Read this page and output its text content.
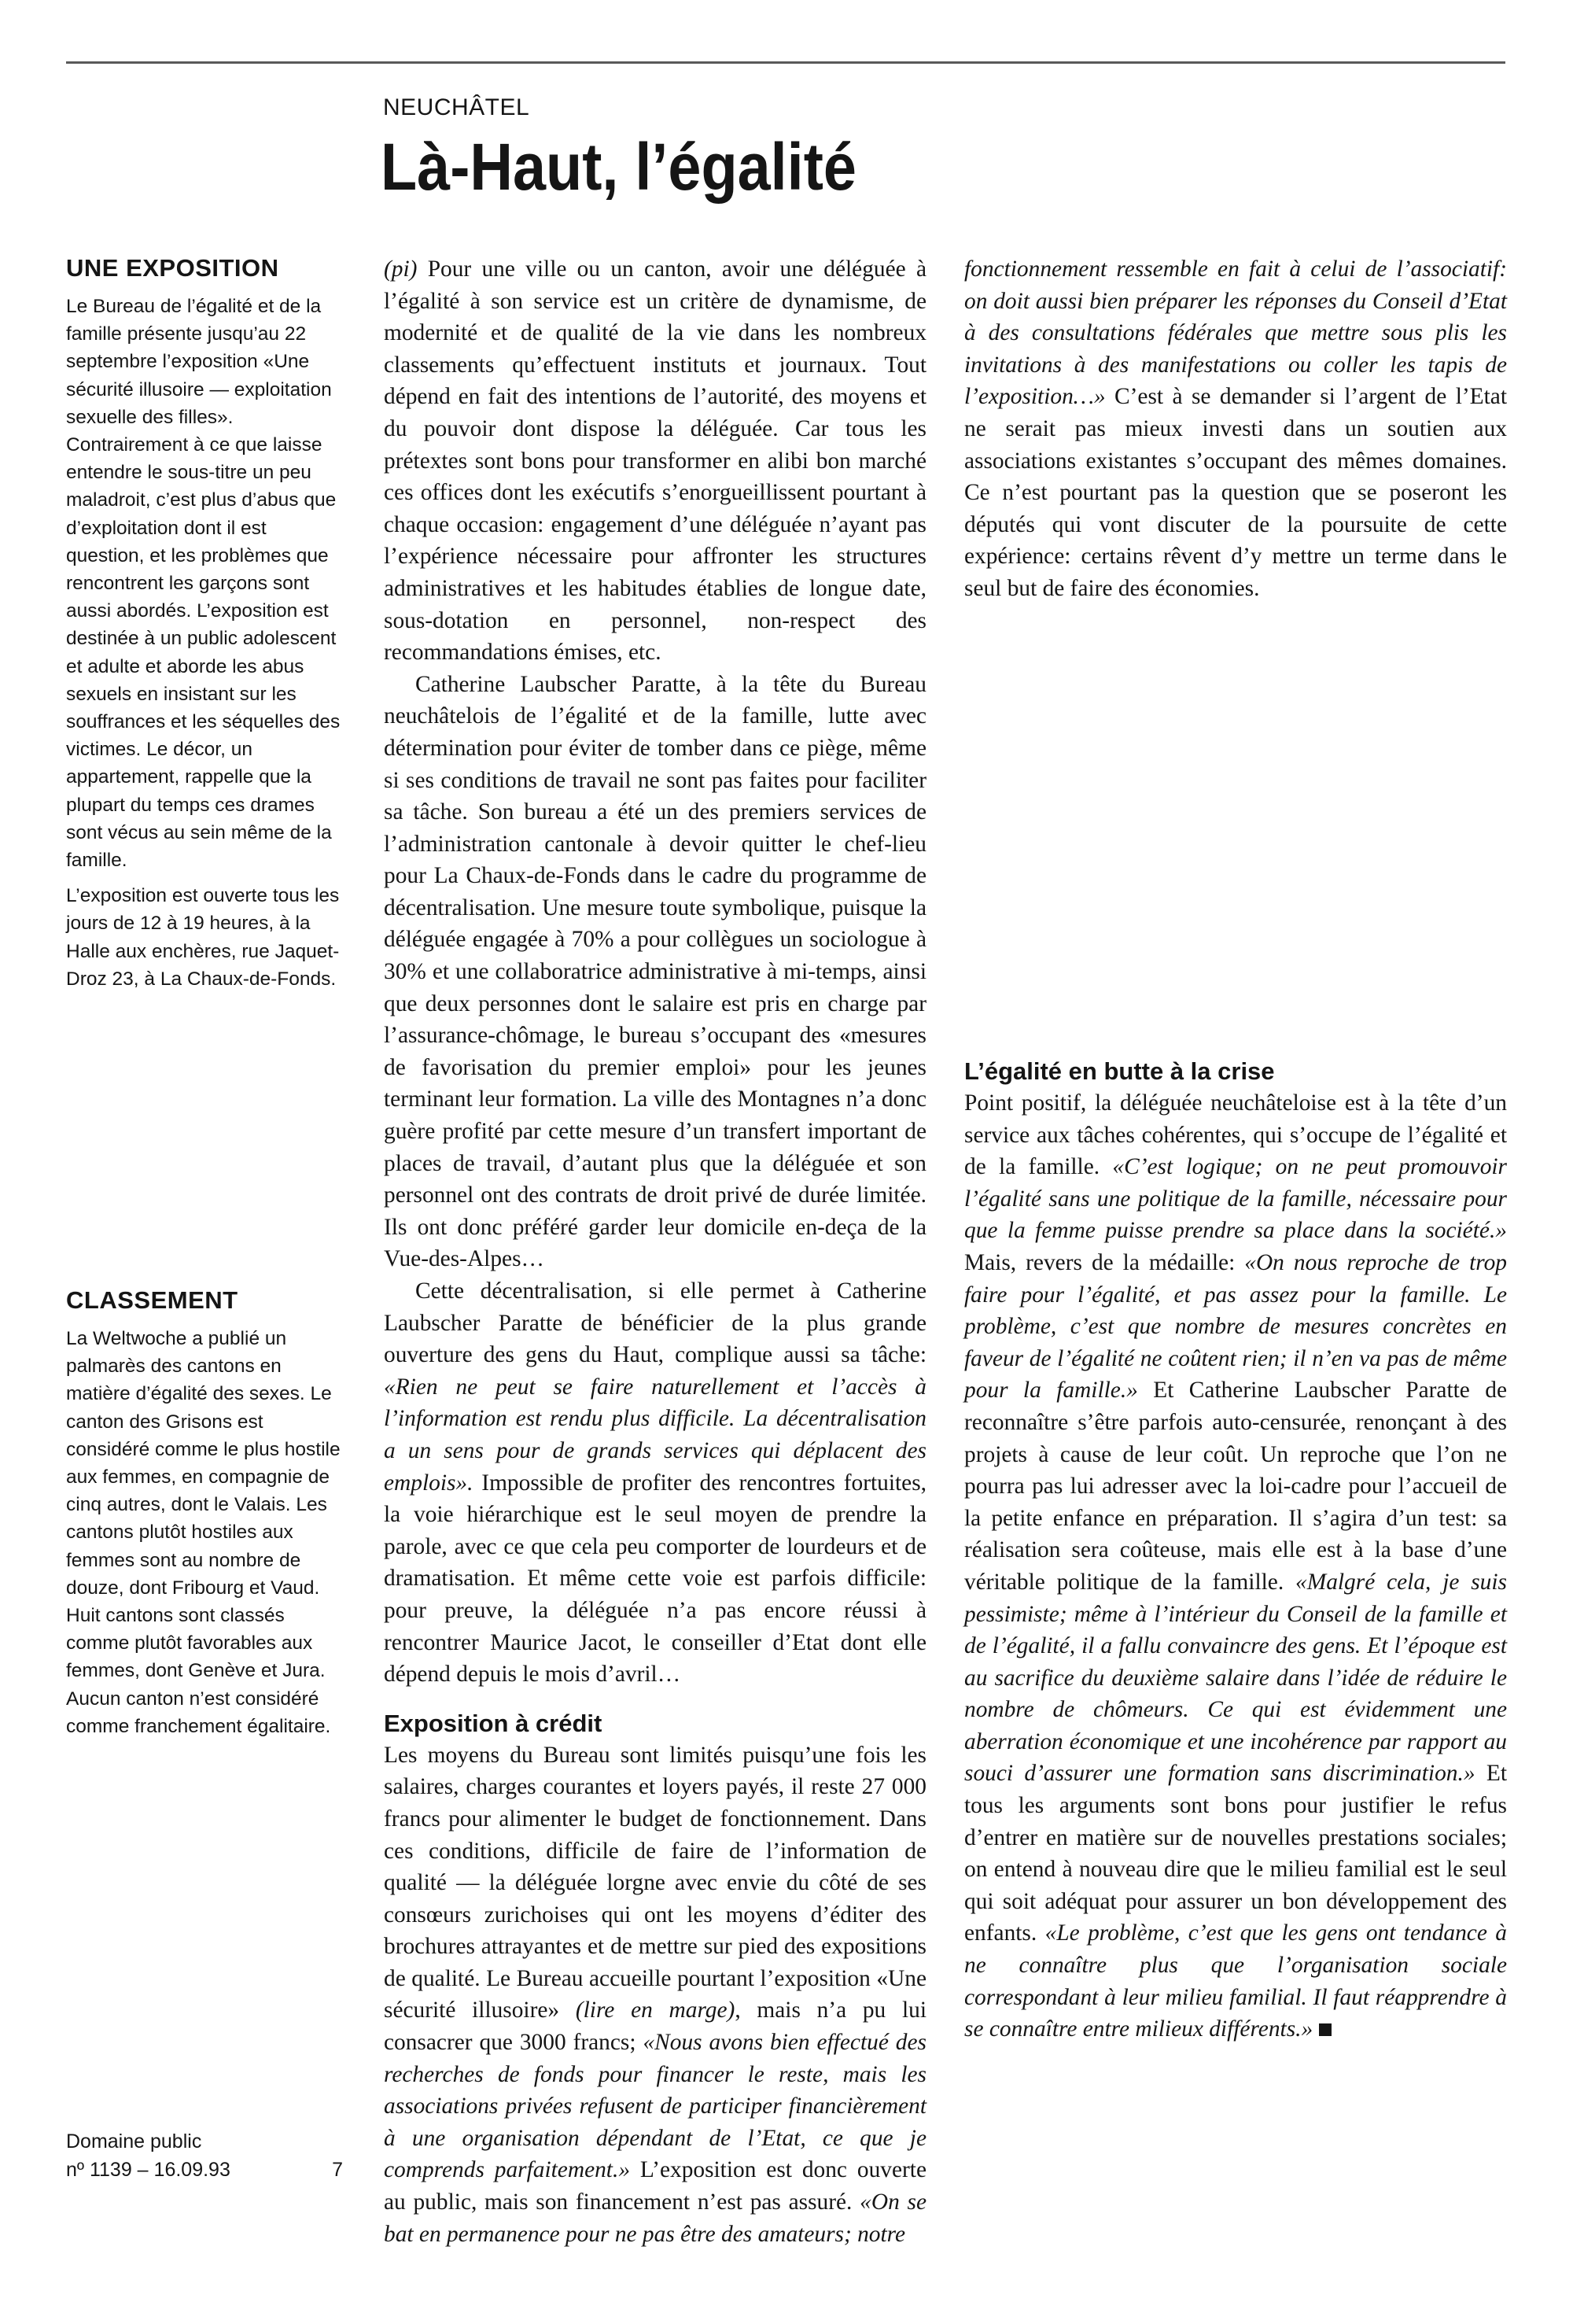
NEUCHÂTEL
Là-Haut, l’égalité
UNE EXPOSITION

Le Bureau de l’égalité et de la famille présente jusqu’au 22 septembre l’exposition «Une sécurité illusoire — exploitation sexuelle des filles». Contrairement à ce que laisse entendre le sous-titre un peu maladroit, c’est plus d’abus que d’exploitation dont il est question, et les problèmes que rencontrent les garçons sont aussi abordés. L’exposition est destinée à un public adolescent et adulte et aborde les abus sexuels en insistant sur les souffrances et les séquelles des victimes. Le décor, un appartement, rappelle que la plupart du temps ces drames sont vécus au sein même de la famille.

L’exposition est ouverte tous les jours de 12 à 19 heures, à la Halle aux enchères, rue Jaquet-Droz 23, à La Chaux-de-Fonds.

CLASSEMENT

La Weltwoche a publié un palmarès des cantons en matière d’égalité des sexes. Le canton des Grisons est considéré comme le plus hostile aux femmes, en compagnie de cinq autres, dont le Valais. Les cantons plutôt hostiles aux femmes sont au nombre de douze, dont Fribourg et Vaud. Huit cantons sont classés comme plutôt favorables aux femmes, dont Genève et Jura. Aucun canton n’est considéré comme franchement égalitaire.

Domaine public
nº 1139 – 16.09.93	7

(pi) Pour une ville ou un canton, avoir une déléguée à l’égalité à son service est un critère de dynamisme, de modernité et de qualité de la vie dans les nombreux classements qu’effectuent instituts et journaux. Tout dépend en fait des intentions de l’autorité, des moyens et du pouvoir dont dispose la déléguée. Car tous les prétextes sont bons pour transformer en alibi bon marché ces offices dont les exécutifs s’enorgueillissent pourtant à chaque occasion: engagement d’une déléguée n’ayant pas l’expérience nécessaire pour affronter les structures administratives et les habitudes établies de longue date, sous-dotation en personnel, non-respect des recommandations émises, etc.

Catherine Laubscher Paratte, à la tête du Bureau neuchâtelois de l’égalité et de la famille, lutte avec détermination pour éviter de tomber dans ce piège, même si ses conditions de travail ne sont pas faites pour faciliter sa tâche. Son bureau a été un des premiers services de l’administration cantonale à devoir quitter le chef-lieu pour La Chaux-de-Fonds dans le cadre du programme de décentralisation. Une mesure toute symbolique, puisque la déléguée engagée à 70% a pour collègues un sociologue à 30% et une collaboratrice administrative à mi-temps, ainsi que deux personnes dont le salaire est pris en charge par l’assurance-chômage, le bureau s’occupant des «mesures de favorisation du premier emploi» pour les jeunes terminant leur formation. La ville des Montagnes n’a donc guère profité par cette mesure d’un transfert important de places de travail, d’autant plus que la déléguée et son personnel ont des contrats de droit privé de durée limitée. Ils ont donc préféré garder leur domicile en-deça de la Vue-des-Alpes…

Cette décentralisation, si elle permet à Catherine Laubscher Paratte de bénéficier de la plus grande ouverture des gens du Haut, complique aussi sa tâche: «Rien ne peut se faire naturellement et l’accès à l’information est rendu plus difficile. La décentralisation a un sens pour de grands services qui déplacent des emplois». Impossible de profiter des rencontres fortuites, la voie hiérarchique est le seul moyen de prendre la parole, avec ce que cela peu comporter de lourdeurs et de dramatisation. Et même cette voie est parfois difficile: pour preuve, la déléguée n’a pas encore réussi à rencontrer Maurice Jacot, le conseiller d’Etat dont elle dépend depuis le mois d’avril…

Exposition à crédit

Les moyens du Bureau sont limités puisqu’une fois les salaires, charges courantes et loyers payés, il reste 27 000 francs pour alimenter le budget de fonctionnement. Dans ces conditions, difficile de faire de l’information de qualité — la déléguée lorgne avec envie du côté de ses consœurs zurichoises qui ont les moyens d’éditer des brochures attrayantes et de mettre sur pied des expositions de qualité. Le Bureau accueille pourtant l’exposition «Une sécurité illusoire» (lire en marge), mais n’a pu lui consacrer que 3000 francs; «Nous avons bien effectué des recherches de fonds pour financer le reste, mais les associations privées refusent de participer financièrement à une organisation dépendant de l’Etat, ce que je comprends parfaitement.» L’exposition est donc ouverte au public, mais son financement n’est pas assuré. «On se bat en permanence pour ne pas être des amateurs; notre

fonctionnement ressemble en fait à celui de l’associatif: on doit aussi bien préparer les réponses du Conseil d’Etat à des consultations fédérales que mettre sous plis les invitations à des manifestations ou coller les tapis de l’exposition…» C’est à se demander si l’argent de l’Etat ne serait pas mieux investi dans un soutien aux associations existantes s’occupant des mêmes domaines. Ce n’est pourtant pas la question que se poseront les députés qui vont discuter de la poursuite de cette expérience: certains rêvent d’y mettre un terme dans le seul but de faire des économies.

L’égalité en butte à la crise

Point positif, la déléguée neuchâteloise est à la tête d’un service aux tâches cohérentes, qui s’occupe de l’égalité et de la famille. «C’est logique; on ne peut promouvoir l’égalité sans une politique de la famille, nécessaire pour que la femme puisse prendre sa place dans la société.» Mais, revers de la médaille: «On nous reproche de trop faire pour l’égalité, et pas assez pour la famille. Le problème, c’est que nombre de mesures concrètes en faveur de l’égalité ne coûtent rien; il n’en va pas de même pour la famille.» Et Catherine Laubscher Paratte de reconnaître s’être parfois auto-censurée, renonçant à des projets à cause de leur coût. Un reproche que l’on ne pourra pas lui adresser avec la loi-cadre pour l’accueil de la petite enfance en préparation. Il s’agira d’un test: sa réalisation sera coûteuse, mais elle est à la base d’une véritable politique de la famille. «Malgré cela, je suis pessimiste; même à l’intérieur du Conseil de la famille et de l’égalité, il a fallu convaincre des gens. Et l’époque est au sacrifice du deuxième salaire dans l’idée de réduire le nombre de chômeurs. Ce qui est évidemment une aberration économique et une incohérence par rapport au souci d’assurer une formation sans discrimination.» Et tous les arguments sont bons pour justifier le refus d’entrer en matière sur de nouvelles prestations sociales; on entend à nouveau dire que le milieu familial est le seul qui soit adéquat pour assurer un bon développement des enfants. «Le problème, c’est que les gens ont tendance à ne connaître plus que l’organisation sociale correspondant à leur milieu familial. Il faut réapprendre à se connaître entre milieux différents.»
